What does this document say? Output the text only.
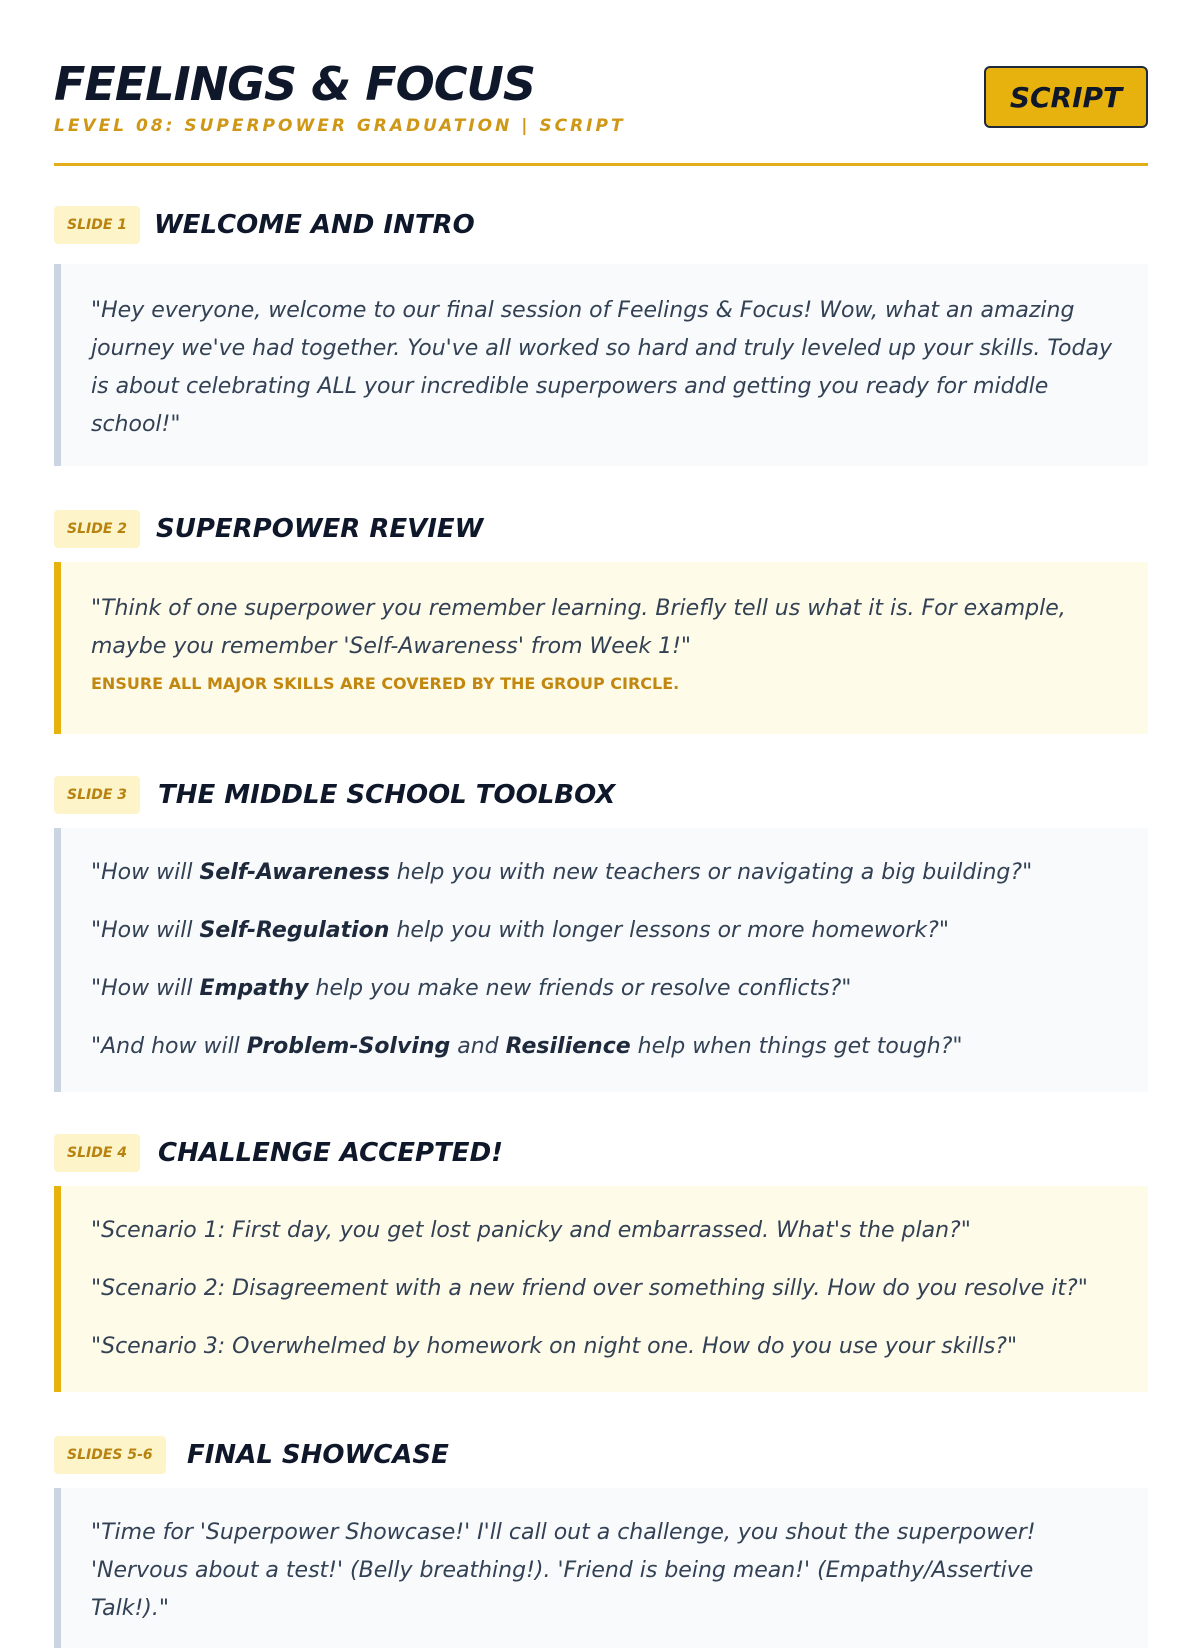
FEELINGS & FOCUS
LEVEL 08: SUPERPOWER GRADUATION | SCRIPT
SCRIPT
SLIDE 1	WELCOME AND INTRO

"Hey everyone, welcome to our final session of Feelings & Focus! Wow, what an amazing journey we've had together. You've all worked so hard and truly leveled up your skills. Today is about celebrating ALL your incredible superpowers and getting you ready for middle school!"

SLIDE 2	SUPERPOWER REVIEW

"Think of one superpower you remember learning. Briefly tell us what it is. For example, maybe you remember 'Self-Awareness' from Week 1!"

ENSURE ALL MAJOR SKILLS ARE COVERED BY THE GROUP CIRCLE.

SLIDE 3	THE MIDDLE SCHOOL TOOLBOX

"How will Self-Awareness help you with new teachers or navigating a big building?"

"How will Self-Regulation help you with longer lessons or more homework?"

"How will Empathy help you make new friends or resolve conflicts?"

"And how will Problem-Solving and Resilience help when things get tough?"

SLIDE 4	CHALLENGE ACCEPTED!

"Scenario 1: First day, you get lost panicky and embarrassed. What's the plan?"

"Scenario 2: Disagreement with a new friend over something silly. How do you resolve it?"

"Scenario 3: Overwhelmed by homework on night one. How do you use your skills?"

SLIDES 5-6	FINAL SHOWCASE

"Time for 'Superpower Showcase!' I'll call out a challenge, you shout the superpower! 'Nervous about a test!' (Belly breathing!). 'Friend is being mean!' (Empathy/Assertive Talk!)."
